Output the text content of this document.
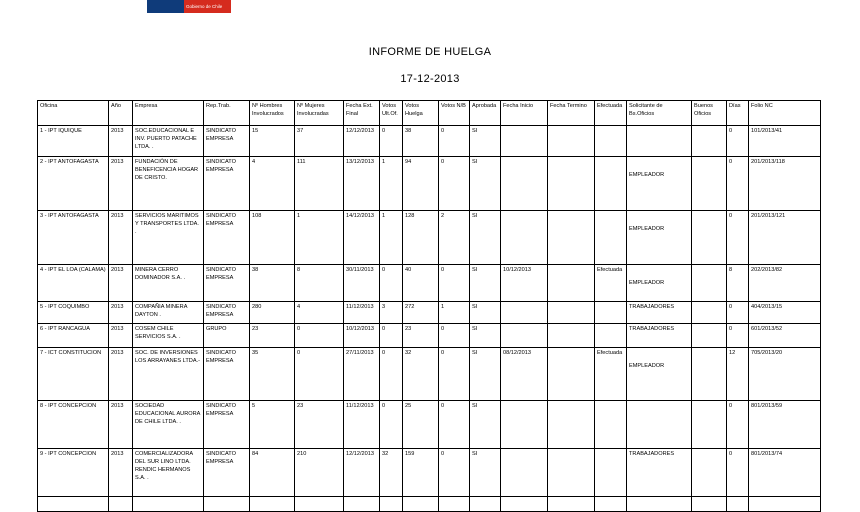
Gobierno de Chile
INFORME DE HUELGA
17-12-2013
Oficina	Año	Empresa	Rep.Trab.	Nº Hombres Involucrados	Nº Mujeres Involucradas	Fecha Ext. Final	Votos Ult.Of.	Votos Huelga	Votos N/B	Aprobada	Fecha Inicio	Fecha Termino	Efectuada	Solicitante de Bs.Oficios	Buenos Oficios	Días	Folio NC
1 - IPT IQUIQUE	2013	SOC.EDUCACIONAL E INV. PUERTO PATACHE LTDA. .	SINDICATO EMPRESA	15	37	12/12/2013	0	38	0	SI						0	101/2013/41
2 - IPT ANTOFAGASTA	2013	FUNDACIÓN DE BENEFICENCIA HOGAR DE CRISTO.	SINDICATO EMPRESA	4	111	13/12/2013	1	94	0	SI				EMPLEADOR		0	201/2013/118
3 - IPT ANTOFAGASTA	2013	SERVICIOS MARITIMOS Y TRANSPORTES LTDA. .	SINDICATO EMPRESA	108	1	14/12/2013	1	128	2	SI				EMPLEADOR		0	201/2013/121
4 - IPT EL LOA (CALAMA)	2013	MINERA CERRO DOMINADOR S.A. .	SINDICATO EMPRESA	38	8	30/11/2013	0	40	0	SI	10/12/2013		Efectuada	EMPLEADOR		8	202/2013/82
5 - IPT COQUIMBO	2013	COMPAÑIA MINERA DAYTON .	SINDICATO EMPRESA	280	4	11/12/2013	3	272	1	SI				TRABAJADORES		0	404/2013/15
6 - IPT RANCAGUA	2013	COSEM CHILE SERVICIOS S.A. .	GRUPO	23	0	10/12/2013	0	23	0	SI				TRABAJADORES		0	601/2013/52
7 - ICT CONSTITUCION	2013	SOC. DE INVERSIONES LOS ARRAYANES LTDA.-	SINDICATO EMPRESA	35	0	27/11/2013	0	32	0	SI	08/12/2013		Efectuada	EMPLEADOR		12	705/2013/20
8 - IPT CONCEPCION	2013	SOCIEDAD EDUCACIONAL AURORA DE CHILE LTDA. .	SINDICATO EMPRESA	5	23	11/12/2013	0	25	0	SI						0	801/2013/59
9 - IPT CONCEPCION	2013	COMERCIALIZADORA DEL SUR LINO LTDA. RENDIC HERMANOS S.A. .	SINDICATO EMPRESA	84	210	12/12/2013	32	159	0	SI				TRABAJADORES		0	801/2013/74
